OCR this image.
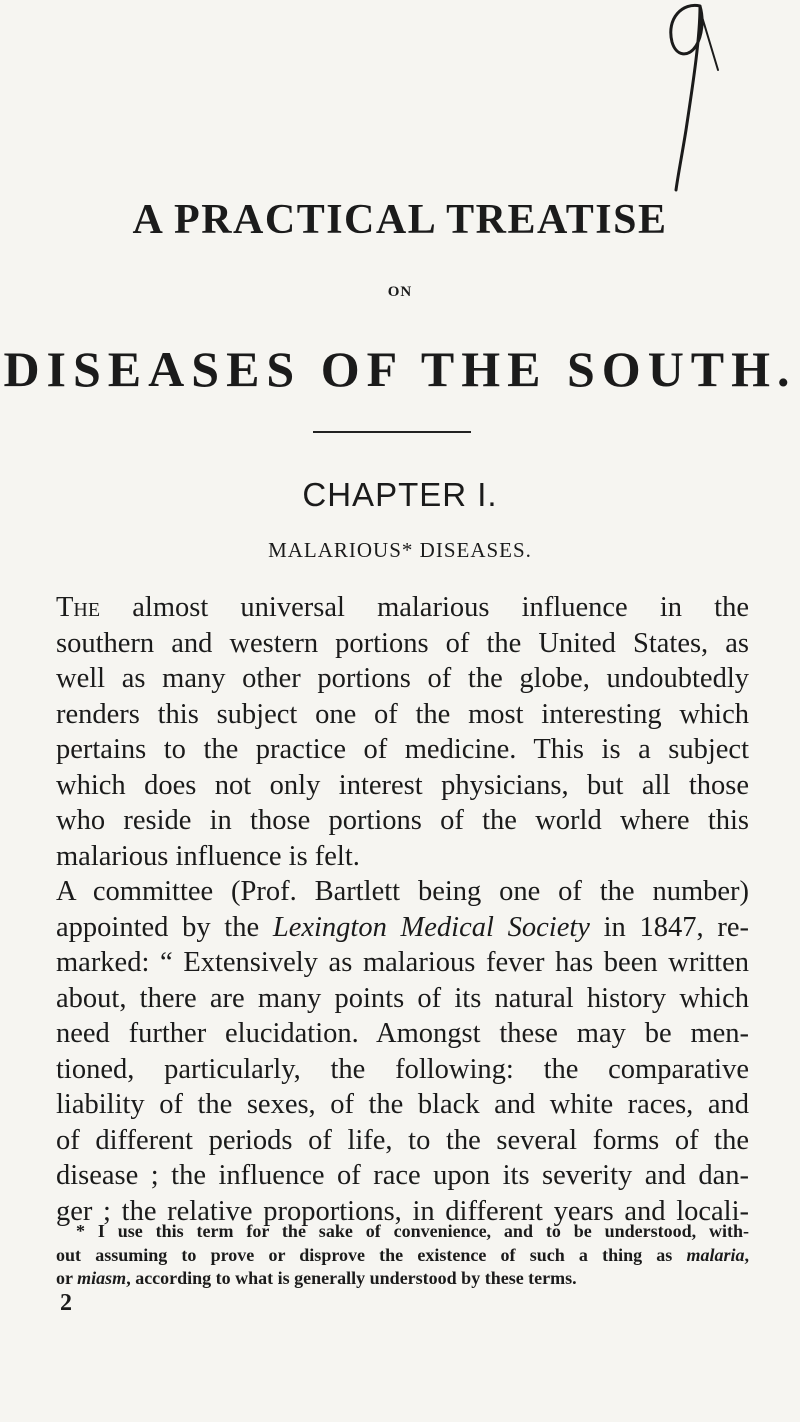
A PRACTICAL TREATISE
ON
DISEASES OF THE SOUTH.
CHAPTER I.
MALARIOUS* DISEASES.
The almost universal malarious influence in the
southern and western portions of the United States, as
well as many other portions of the globe, undoubtedly
renders this subject one of the most interesting which
pertains to the practice of medicine. This is a subject
which does not only interest physicians, but all those
who reside in those portions of the world where this
malarious influence is felt.
A committee (Prof. Bartlett being one of the number)
appointed by the Lexington Medical Society in 1847, re-
marked: “ Extensively as malarious fever has been written
about, there are many points of its natural history which
need further elucidation. Amongst these may be men-
tioned, particularly, the following: the comparative
liability of the sexes, of the black and white races, and
of different periods of life, to the several forms of the
disease ; the influence of race upon its severity and dan-
ger ; the relative proportions, in different years and locali-
* I use this term for the sake of convenience, and to be understood, with-
out assuming to prove or disprove the existence of such a thing as malaria,
or miasm, according to what is generally understood by these terms.
2
